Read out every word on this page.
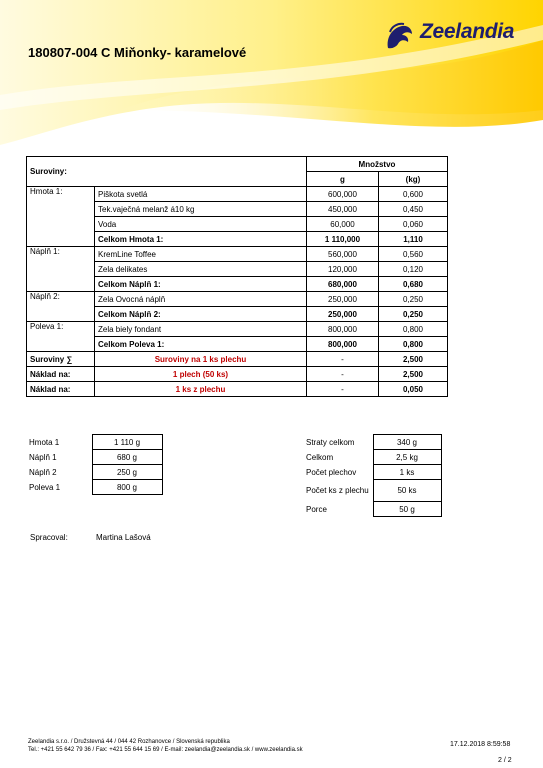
Zeelandia
180807-004 C Miňonky- karamelové
Suroviny:		Množstvo	
		g	(kg)
Hmota 1:	Piškota svetlá	600,000	0,600
	Tek.vaječná melanž á10 kg	450,000	0,450
	Voda	60,000	0,060
	Celkom Hmota 1:	1 110,000	1,110
Náplň 1:	KremLine Toffee	560,000	0,560
	Zela delikates	120,000	0,120
	Celkom Náplň 1:	680,000	0,680
Náplň 2:	Zela Ovocná náplň	250,000	0,250
	Celkom Náplň 2:	250,000	0,250
Poleva 1:	Zela biely fondant	800,000	0,800
	Celkom Poleva 1:	800,000	0,800
Suroviny ∑	Suroviny na 1 ks plechu	-	2,500
Náklad na:	1 plech (50 ks)	-	2,500
Náklad na:	1 ks z plechu	-	0,050
Hmota 1	1 110 g
Náplň 1	680 g
Náplň 2	250 g
Poleva 1	800 g
Straty celkom	340 g
Celkom	2,5 kg
Počet plechov	1 ks
Počet ks z plechu	50 ks
Porce	50 g
Spracoval:	Martina Lašová
Zeelandia s.r.o. / Družstevná 44 / 044 42 Rozhanovce / Slovenská republika
Tel.: +421 55 642 79 36 / Fax: +421 55 644 15 69 / E-mail: zeelandia@zeelandia.sk / www.zeelandia.sk
17.12.2018 8:59:58
2 / 2
